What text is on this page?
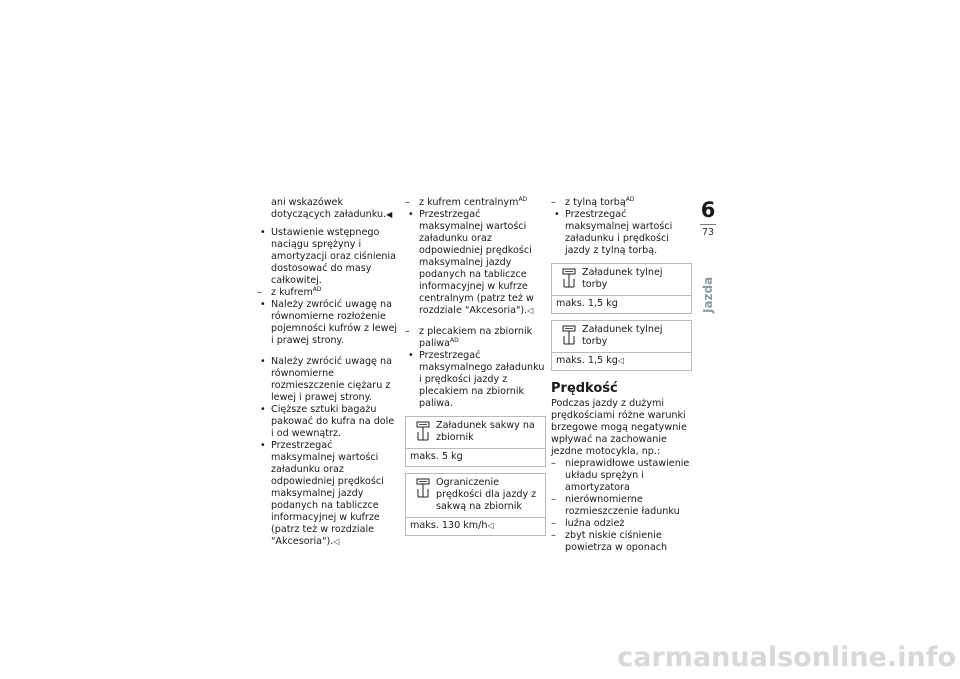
ani wskazówek dotyczących załadunku.◀

• Ustawienie wstępnego naciągu sprężyny i amortyzacji oraz ciśnienia dostosować do masy całkowitej.

– z kufrem$^{AD}$

• Należy zwrócić uwagę na równomierne rozłożenie pojemności kufrów z lewej i prawej strony.

• Należy zwrócić uwagę na równomierne rozmieszczenie ciężaru z lewej i prawej strony.

• Cięższe sztuki bagażu pakować do kufra na dole i od wewnątrz.

• Przestrzegać maksymalnej wartości załadunku oraz odpowiedniej prędkości maksymalnej jazdy podanych na tabliczce informacyjnej w kufrze (patrz też w rozdziale "Akcesoria").◁

– z kufrem centralnym$^{AD}$

• Przestrzegać maksymalnej wartości załadunku oraz odpowiedniej prędkości maksymalnej jazdy podanych na tabliczce informacyjnej w kufrze centralnym (patrz też w rozdziale "Akcesoria").◁

– z plecakiem na zbiornik paliwa$^{AD}$

• Przestrzegać maksymalnego załadunku i prędkości jazdy z plecakiem na zbiornik paliwa.

Załadunek sakwy na zbiornik
maks. 5 kg
Ograniczenie prędkości dla jazdy z sakwą na zbiornik
maks. 130 km/h◁

– z tylną torbą$^{AD}$

• Przestrzegać maksymalnej wartości załadunku i prędkości jazdy z tylną torbą.

Załadunek tylnej torby
maks. 1,5 kg
Załadunek tylnej torby
maks. 1,5 kg◁
Prędkość

Podczas jazdy z dużymi prędkościami różne warunki brzegowe mogą negatywnie wpływać na zachowanie jezdne motocykla, np.:

– nieprawidłowe ustawienie układu sprężyn i amortyzatora

– nierównomierne rozmieszczenie ładunku

– luźna odzież

– zbyt niskie ciśnienie powietrza w oponach

6
73
Jazda
carmanualsonline.info
